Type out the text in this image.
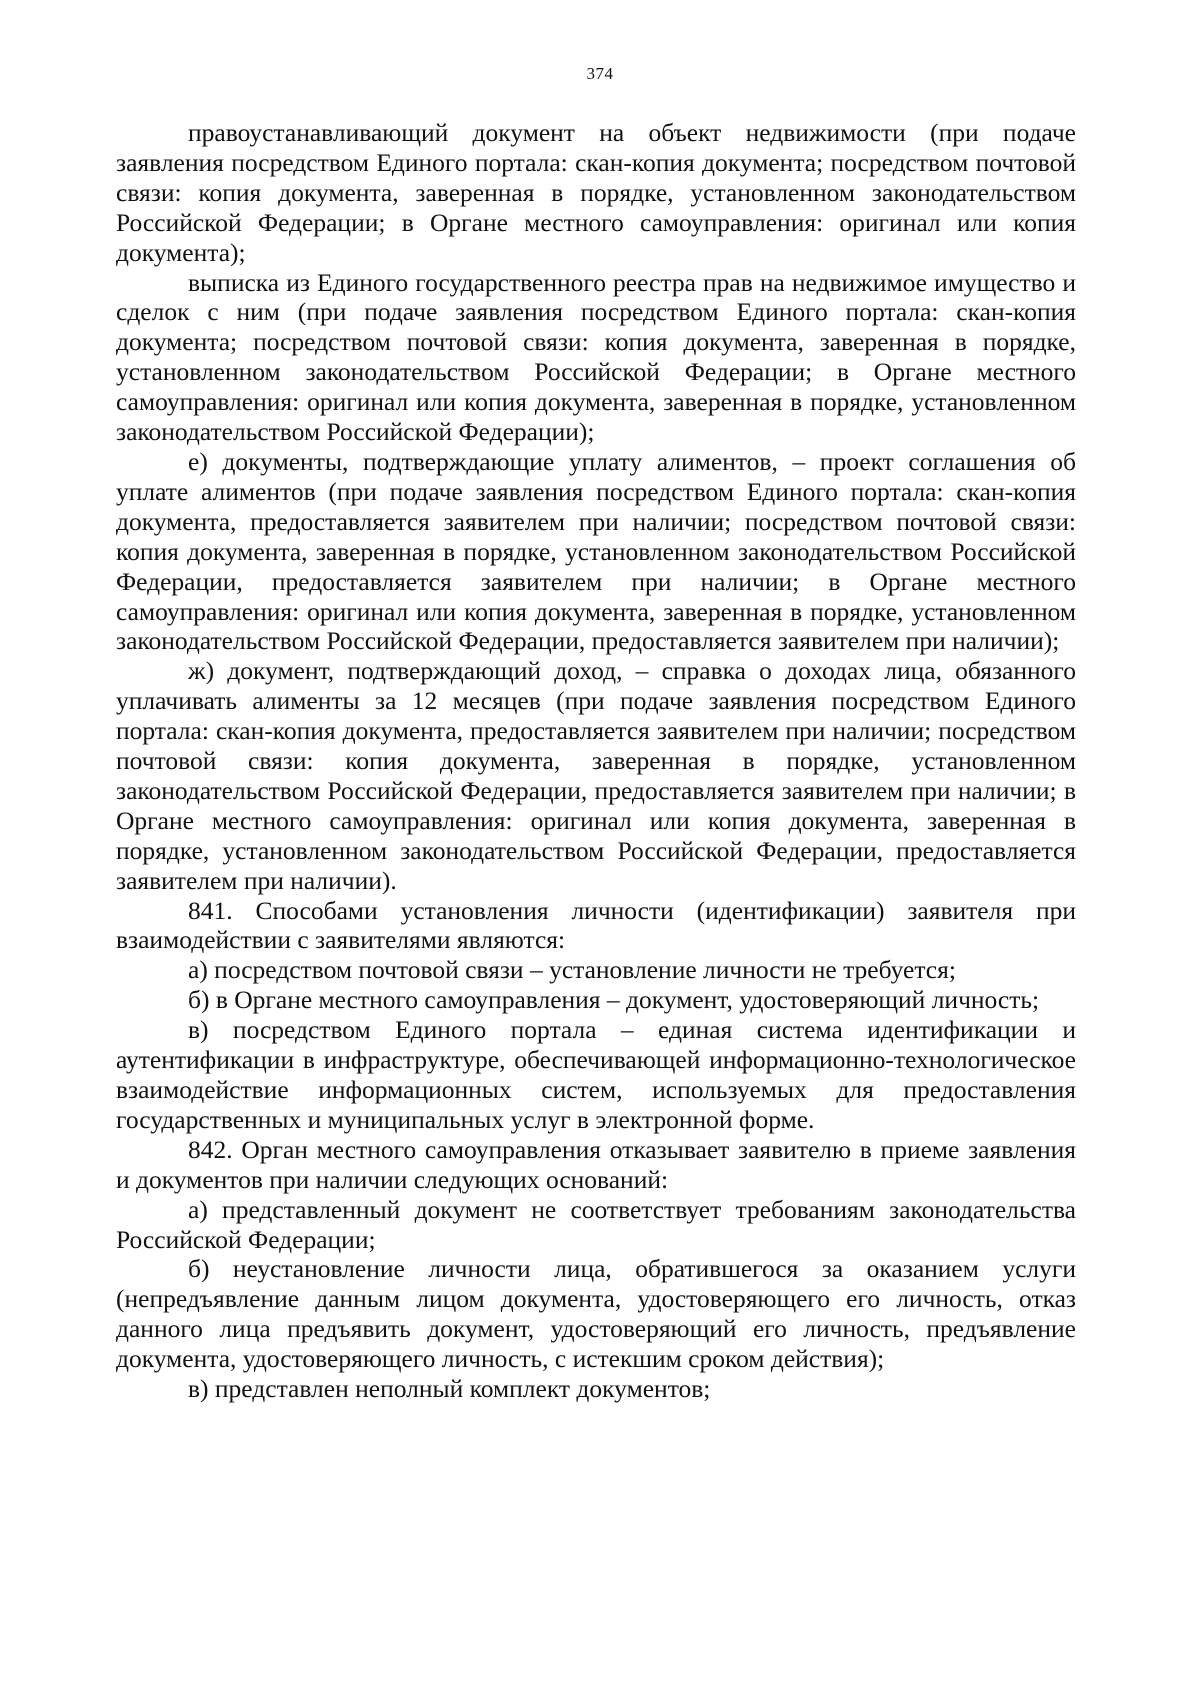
374

правоустанавливающий документ на объект недвижимости (при подаче заявления посредством Единого портала: скан-копия документа; посредством почтовой связи: копия документа, заверенная в порядке, установленном законодательством Российской Федерации; в Органе местного самоуправления: оригинал или копия документа);

выписка из Единого государственного реестра прав на недвижимое имущество и сделок с ним (при подаче заявления посредством Единого портала: скан-копия документа; посредством почтовой связи: копия документа, заверенная в порядке, установленном законодательством Российской Федерации; в Органе местного самоуправления: оригинал или копия документа, заверенная в порядке, установленном законодательством Российской Федерации);

е) документы, подтверждающие уплату алиментов, – проект соглашения об уплате алиментов (при подаче заявления посредством Единого портала: скан-копия документа, предоставляется заявителем при наличии; посредством почтовой связи: копия документа, заверенная в порядке, установленном законодательством Российской Федерации, предоставляется заявителем при наличии; в Органе местного самоуправления: оригинал или копия документа, заверенная в порядке, установленном законодательством Российской Федерации, предоставляется заявителем при наличии);

ж) документ, подтверждающий доход, – справка о доходах лица, обязанного уплачивать алименты за 12 месяцев (при подаче заявления посредством Единого портала: скан-копия документа, предоставляется заявителем при наличии; посредством почтовой связи: копия документа, заверенная в порядке, установленном законодательством Российской Федерации, предоставляется заявителем при наличии; в Органе местного самоуправления: оригинал или копия документа, заверенная в порядке, установленном законодательством Российской Федерации, предоставляется заявителем при наличии).

841. Способами установления личности (идентификации) заявителя при взаимодействии с заявителями являются:

а) посредством почтовой связи – установление личности не требуется;

б) в Органе местного самоуправления – документ, удостоверяющий личность;

в) посредством Единого портала – единая система идентификации и аутентификации в инфраструктуре, обеспечивающей информационно-технологическое взаимодействие информационных систем, используемых для предоставления государственных и муниципальных услуг в электронной форме.

842. Орган местного самоуправления отказывает заявителю в приеме заявления и документов при наличии следующих оснований:

а) представленный документ не соответствует требованиям законодательства Российской Федерации;

б) неустановление личности лица, обратившегося за оказанием услуги (непредъявление данным лицом документа, удостоверяющего его личность, отказ данного лица предъявить документ, удостоверяющий его личность, предъявление документа, удостоверяющего личность, с истекшим сроком действия);

в) представлен неполный комплект документов;
